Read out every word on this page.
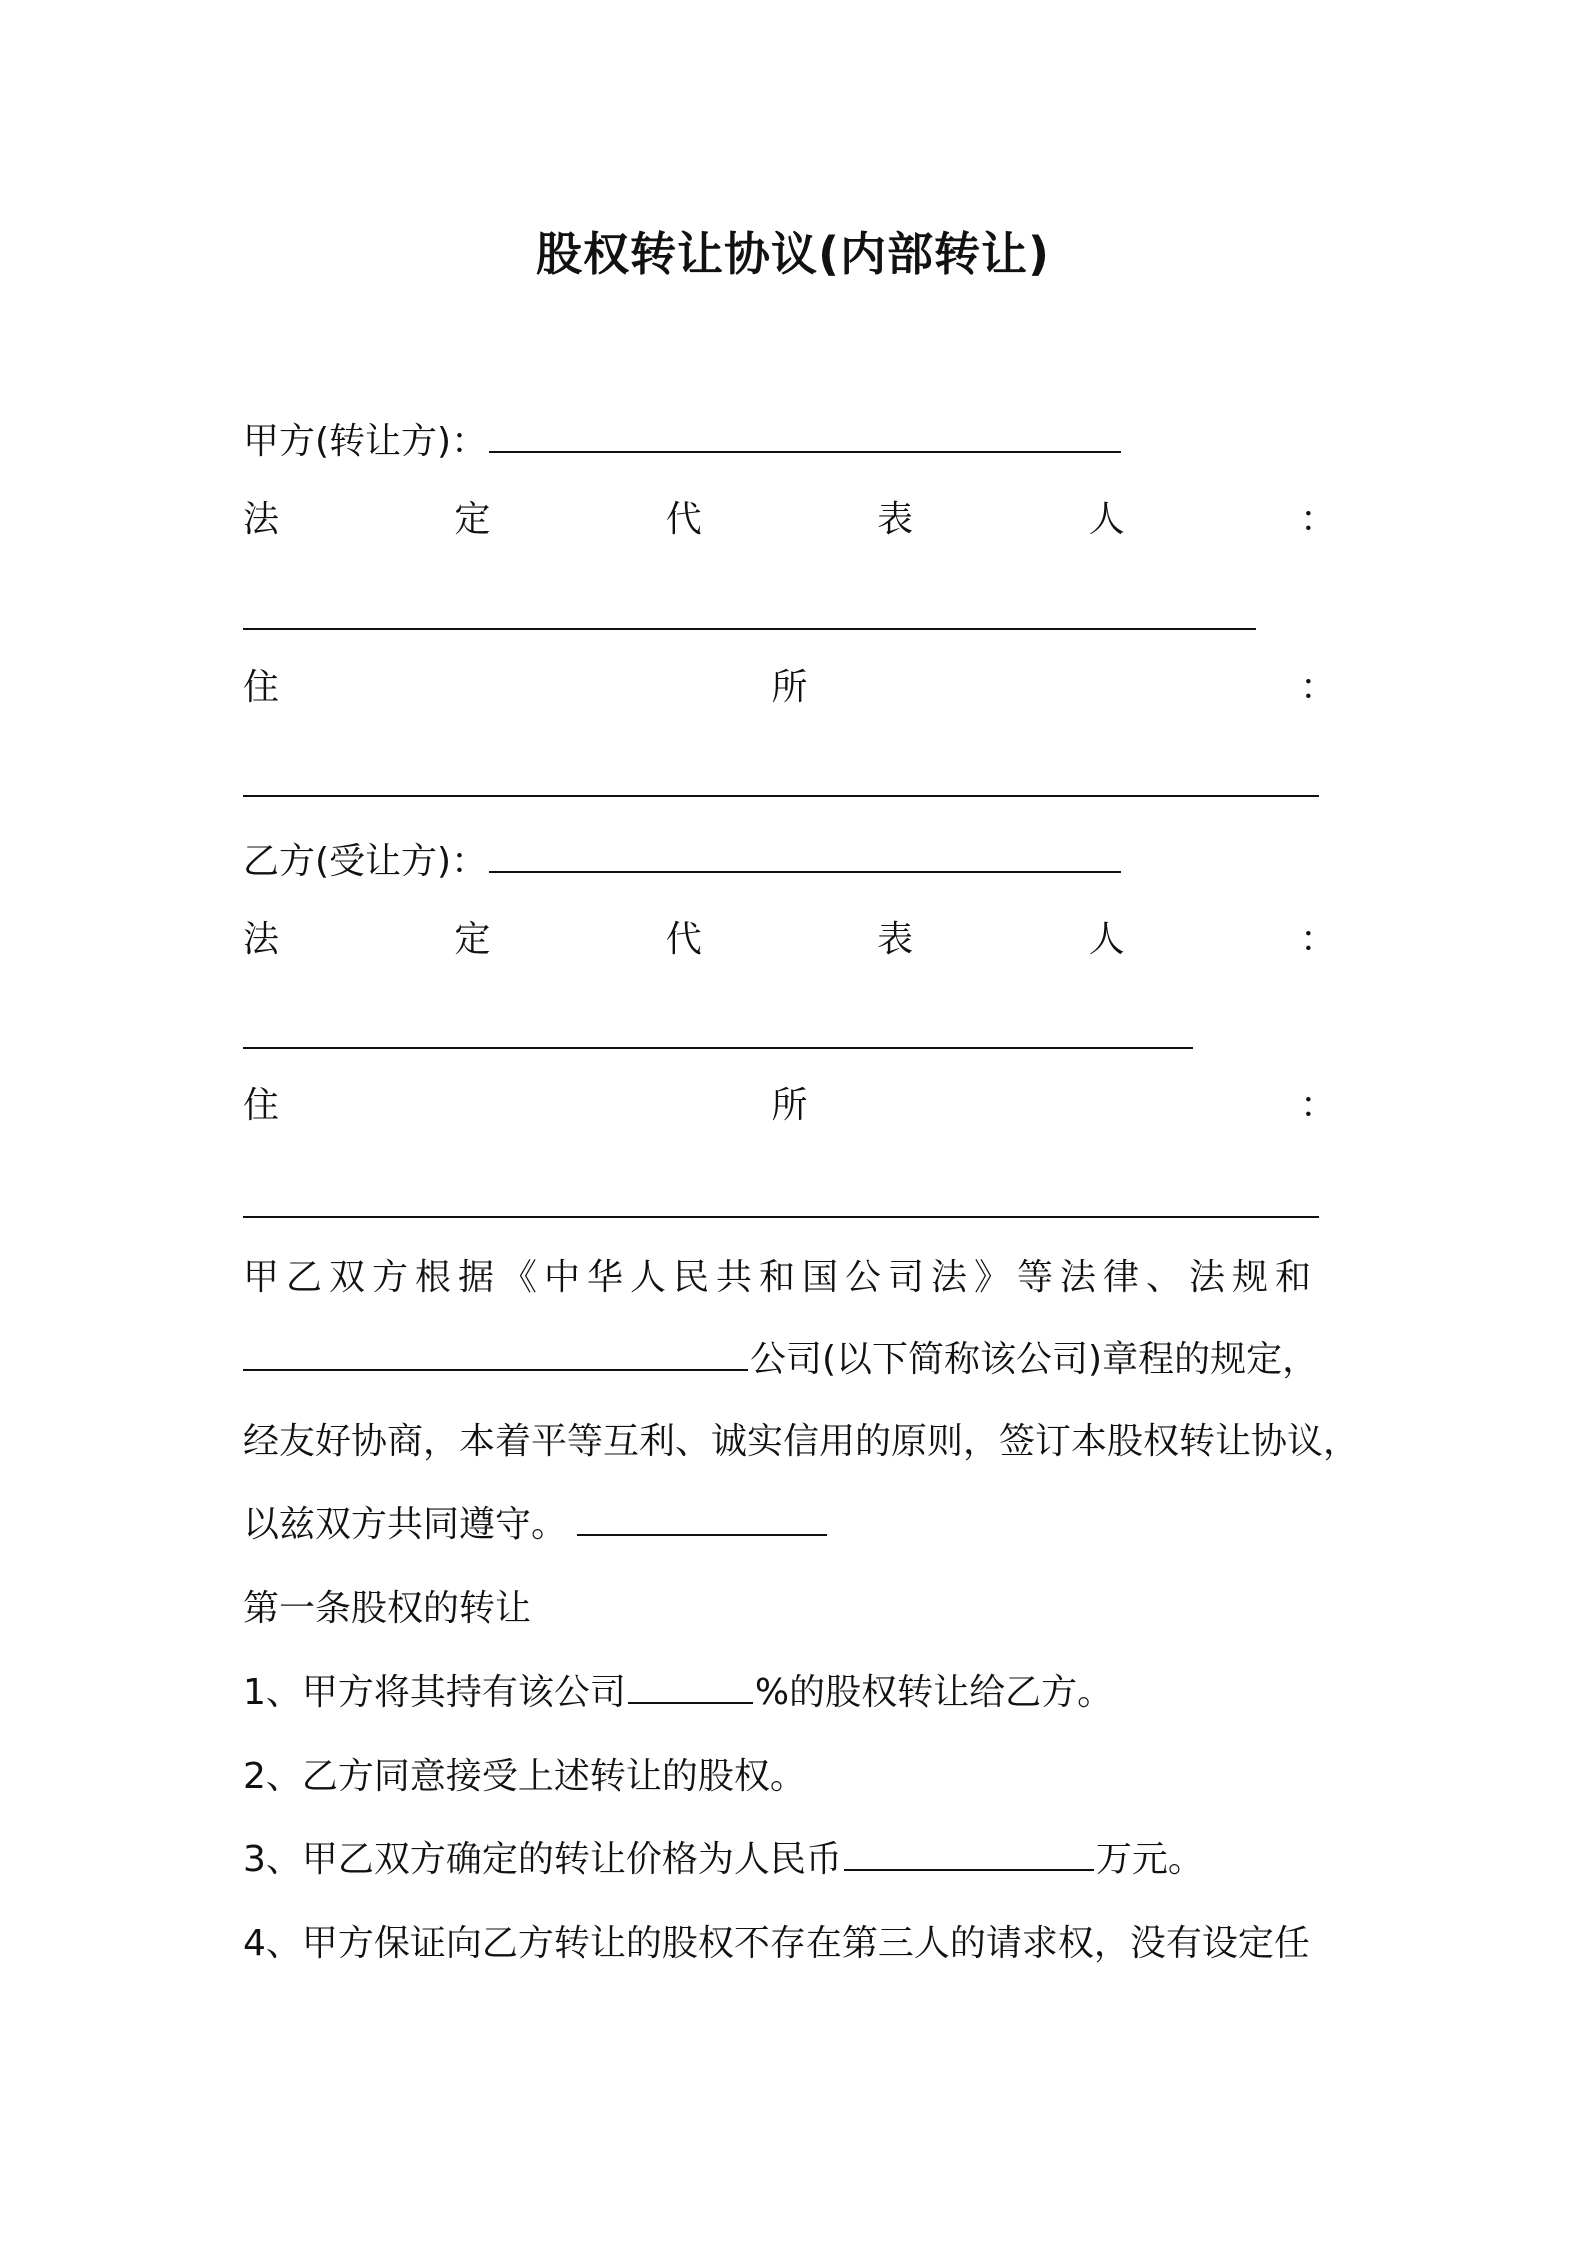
股权转让协议(内部转让)
甲方(转让方)：
法	定	代	表	人	：
住	所	：
乙方(受让方)：
法	定	代	表	人	：
住	所	：
甲乙双方根据《中华人民共和国公司法》等法律、法规和
公司(以下简称该公司)章程的规定，
经友好协商，本着平等互利、诚实信用的原则，签订本股权转让协议，
以兹双方共同遵守。
第一条股权的转让
1、甲方将其持有该公司	%的股权转让给乙方。
2、乙方同意接受上述转让的股权。
3、甲乙双方确定的转让价格为人民币	万元。
4、甲方保证向乙方转让的股权不存在第三人的请求权，没有设定任
